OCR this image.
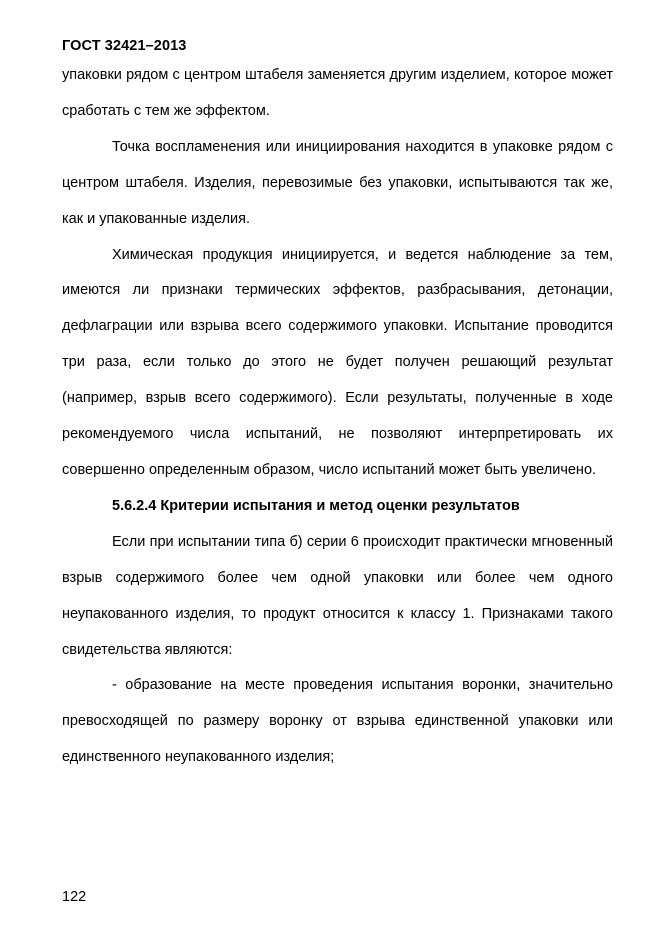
ГОСТ 32421–2013

упаковки рядом с центром штабеля заменяется другим изделием, которое может сработать с тем же эффектом.

Точка воспламенения или инициирования находится в упаковке рядом с центром штабеля. Изделия, перевозимые без упаковки, испытываются так же, как и упакованные изделия.

Химическая продукция инициируется, и ведется наблюдение за тем, имеются ли признаки термических эффектов, разбрасывания, детонации, дефлаграции или взрыва всего содержимого упаковки. Испытание проводится три раза, если только до этого не будет получен решающий результат (например, взрыв всего содержимого). Если результаты, полученные в ходе рекомендуемого числа испытаний, не позволяют интерпретировать их совершенно определенным образом, число испытаний может быть увеличено.

5.6.2.4 Критерии испытания и метод оценки результатов

Если при испытании типа б) серии 6 происходит практически мгновенный взрыв содержимого более чем одной упаковки или более чем одного неупакованного изделия, то продукт относится к классу 1. Признаками такого свидетельства являются:

- образование на месте проведения испытания воронки, значительно превосходящей по размеру воронку от взрыва единственной упаковки или единственного неупакованного изделия;

122
